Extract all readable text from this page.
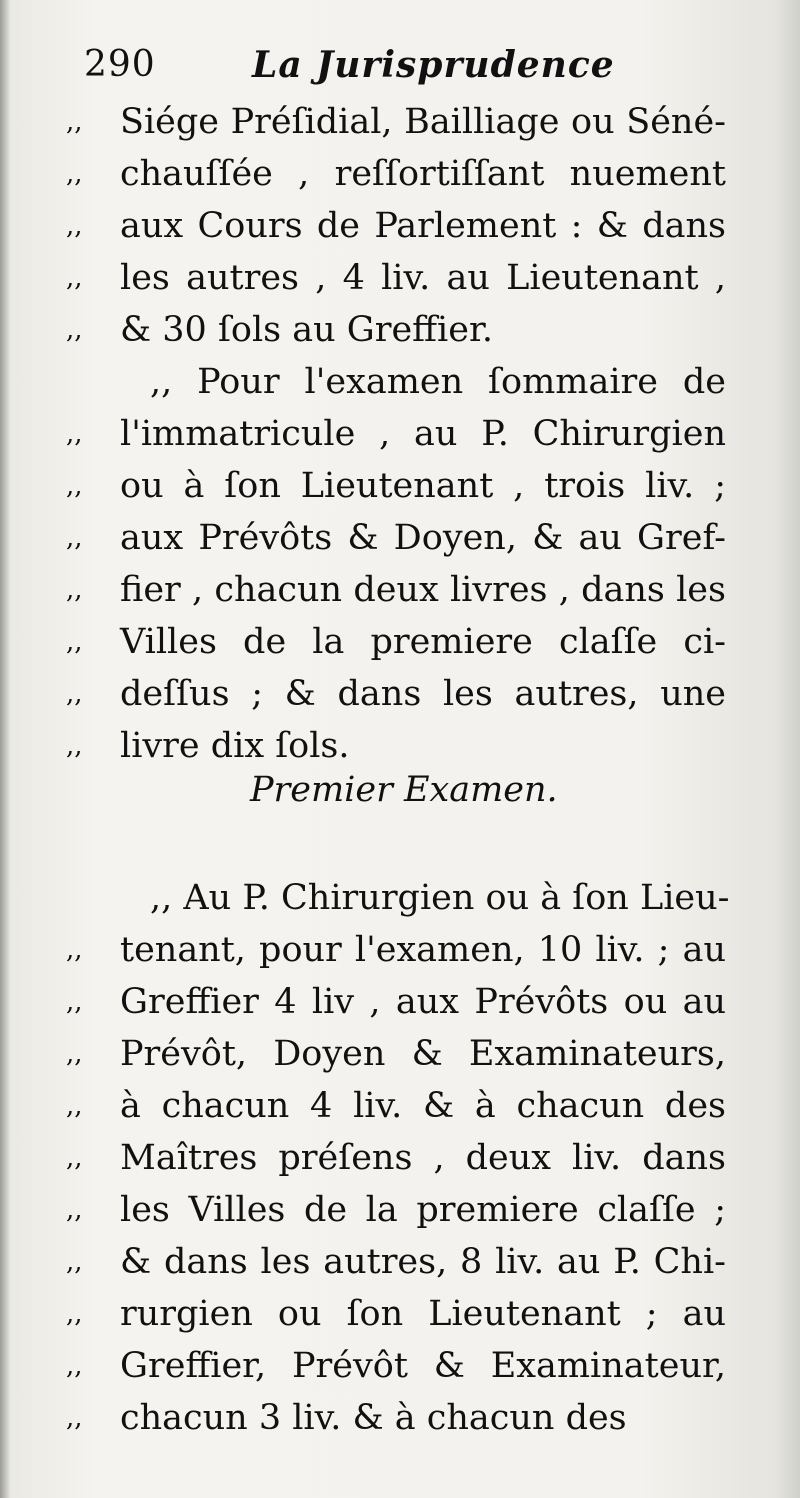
290	La Jurisprudence
,,	Siége Préſidial, Bailliage ou Séné-
,,	chauſſée , reſſortiſſant nuement
,,	aux Cours de Parlement : & dans
,,	les autres , 4 liv. au Lieutenant ,
,,	& 30 ſols au Greffier.
,, Pour l'examen ſommaire de
,,	l'immatricule , au P. Chirurgien
,,	ou à ſon Lieutenant , trois liv. ;
,,	aux Prévôts & Doyen, & au Gref-
,,	fier , chacun deux livres , dans les
,,	Villes de la premiere claſſe ci-
,,	deſſus ; & dans les autres, une
,,	livre dix ſols.
Premier Examen.
,, Au P. Chirurgien ou à ſon Lieu-
,,	tenant, pour l'examen, 10 liv. ; au
,,	Greffier 4 liv , aux Prévôts ou au
,,	Prévôt, Doyen & Examinateurs,
,,	à chacun 4 liv. & à chacun des
,,	Maîtres préſens , deux liv. dans
,,	les Villes de la premiere claſſe ;
,,	& dans les autres, 8 liv. au P. Chi-
,,	rurgien ou ſon Lieutenant ; au
,,	Greffier, Prévôt & Examinateur,
,,	chacun 3 liv. & à chacun des
